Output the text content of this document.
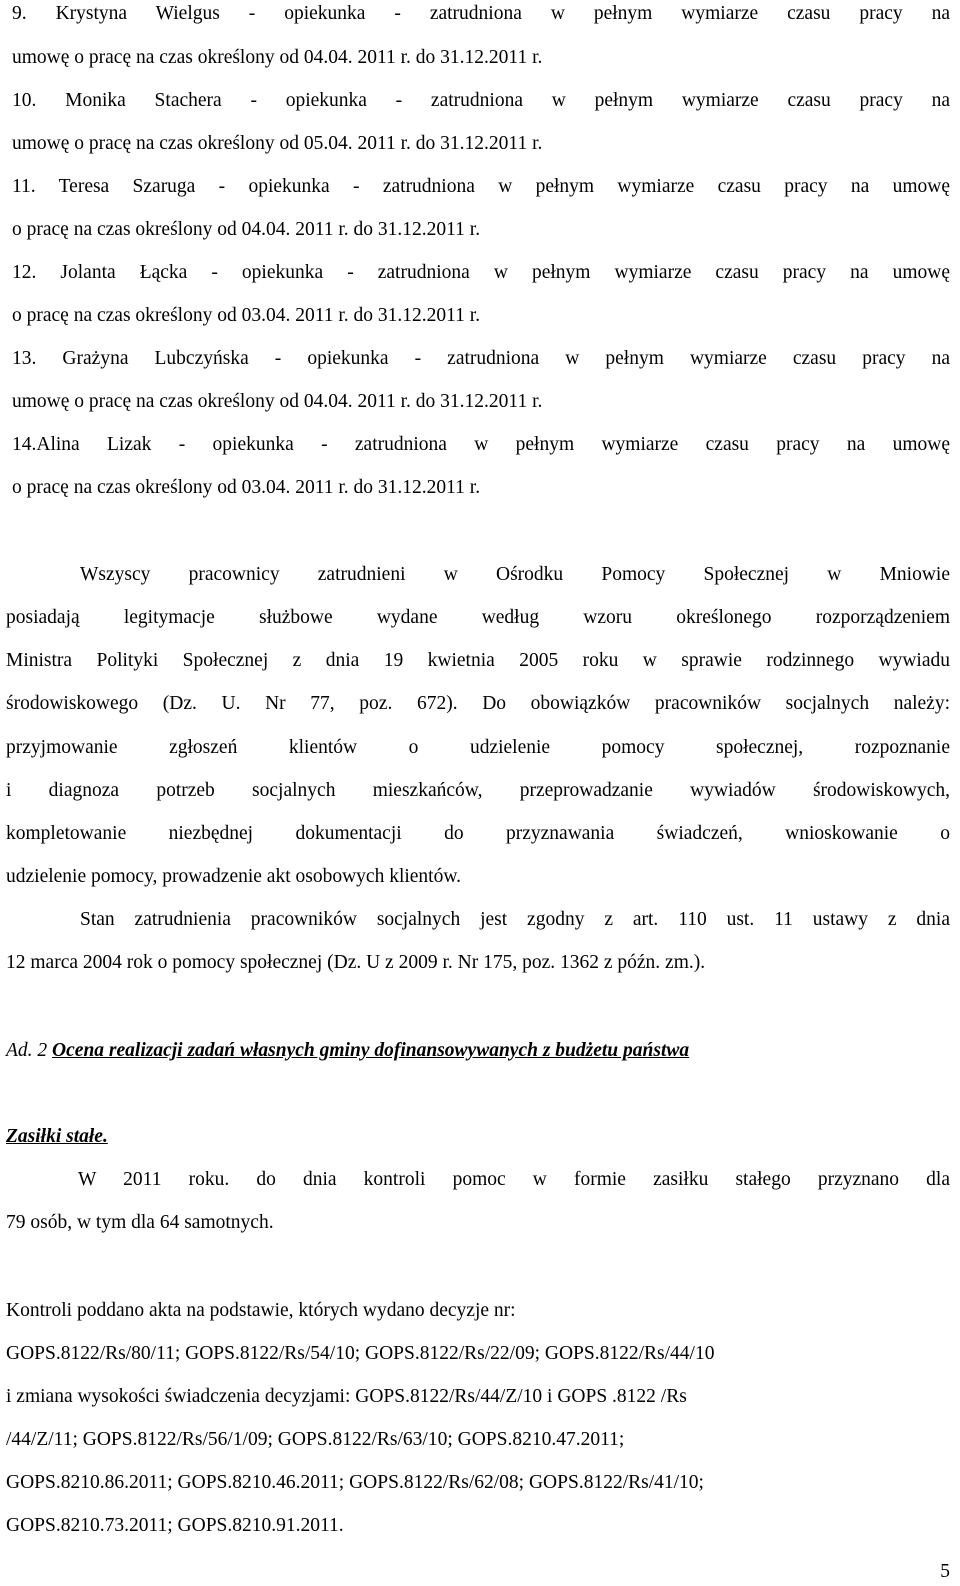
9. Krystyna Wielgus - opiekunka - zatrudniona w pełnym wymiarze czasu pracy na
umowę o pracę na czas określony od 04.04. 2011 r. do 31.12.2011 r.
10. Monika Stachera - opiekunka - zatrudniona w pełnym wymiarze czasu pracy na
umowę o pracę na czas określony od 05.04. 2011 r. do 31.12.2011 r.
11. Teresa Szaruga - opiekunka - zatrudniona w pełnym wymiarze czasu pracy na umowę
o pracę na czas określony od 04.04. 2011 r. do 31.12.2011 r.
12. Jolanta Łącka - opiekunka - zatrudniona w pełnym wymiarze czasu pracy na umowę
o pracę na czas określony od 03.04. 2011 r. do 31.12.2011 r.
13. Grażyna Lubczyńska - opiekunka - zatrudniona w pełnym wymiarze czasu pracy na
umowę o pracę na czas określony od 04.04. 2011 r. do 31.12.2011 r.
14.Alina Lizak - opiekunka - zatrudniona w pełnym wymiarze czasu pracy na umowę
o pracę na czas określony od 03.04. 2011 r. do 31.12.2011 r.
Wszyscy pracownicy zatrudnieni w Ośrodku Pomocy Społecznej w Mniowie
posiadają legitymacje służbowe wydane według wzoru określonego rozporządzeniem
Ministra Polityki Społecznej z dnia 19 kwietnia 2005 roku w sprawie rodzinnego wywiadu
środowiskowego (Dz. U. Nr 77, poz. 672). Do obowiązków pracowników socjalnych należy:
przyjmowanie zgłoszeń klientów o udzielenie pomocy społecznej, rozpoznanie
i diagnoza potrzeb socjalnych mieszkańców, przeprowadzanie wywiadów środowiskowych,
kompletowanie niezbędnej dokumentacji do przyznawania świadczeń, wnioskowanie o
udzielenie pomocy, prowadzenie akt osobowych klientów.
Stan zatrudnienia pracowników socjalnych jest zgodny z art. 110 ust. 11 ustawy z dnia
12 marca 2004 rok o pomocy społecznej (Dz. U z 2009 r. Nr 175, poz. 1362 z późn. zm.).
Ad. 2 Ocena realizacji zadań własnych gminy dofinansowywanych z budżetu państwa
Zasiłki stałe.
W 2011 roku. do dnia kontroli pomoc w formie zasiłku stałego przyznano dla
79 osób, w tym dla 64 samotnych.
Kontroli poddano akta na podstawie, których wydano decyzje nr:
GOPS.8122/Rs/80/11; GOPS.8122/Rs/54/10; GOPS.8122/Rs/22/09; GOPS.8122/Rs/44/10
i zmiana wysokości świadczenia decyzjami: GOPS.8122/Rs/44/Z/10 i GOPS .8122 /Rs
/44/Z/11; GOPS.8122/Rs/56/1/09; GOPS.8122/Rs/63/10; GOPS.8210.47.2011;
GOPS.8210.86.2011; GOPS.8210.46.2011; GOPS.8122/Rs/62/08; GOPS.8122/Rs/41/10;
GOPS.8210.73.2011; GOPS.8210.91.2011.
5
